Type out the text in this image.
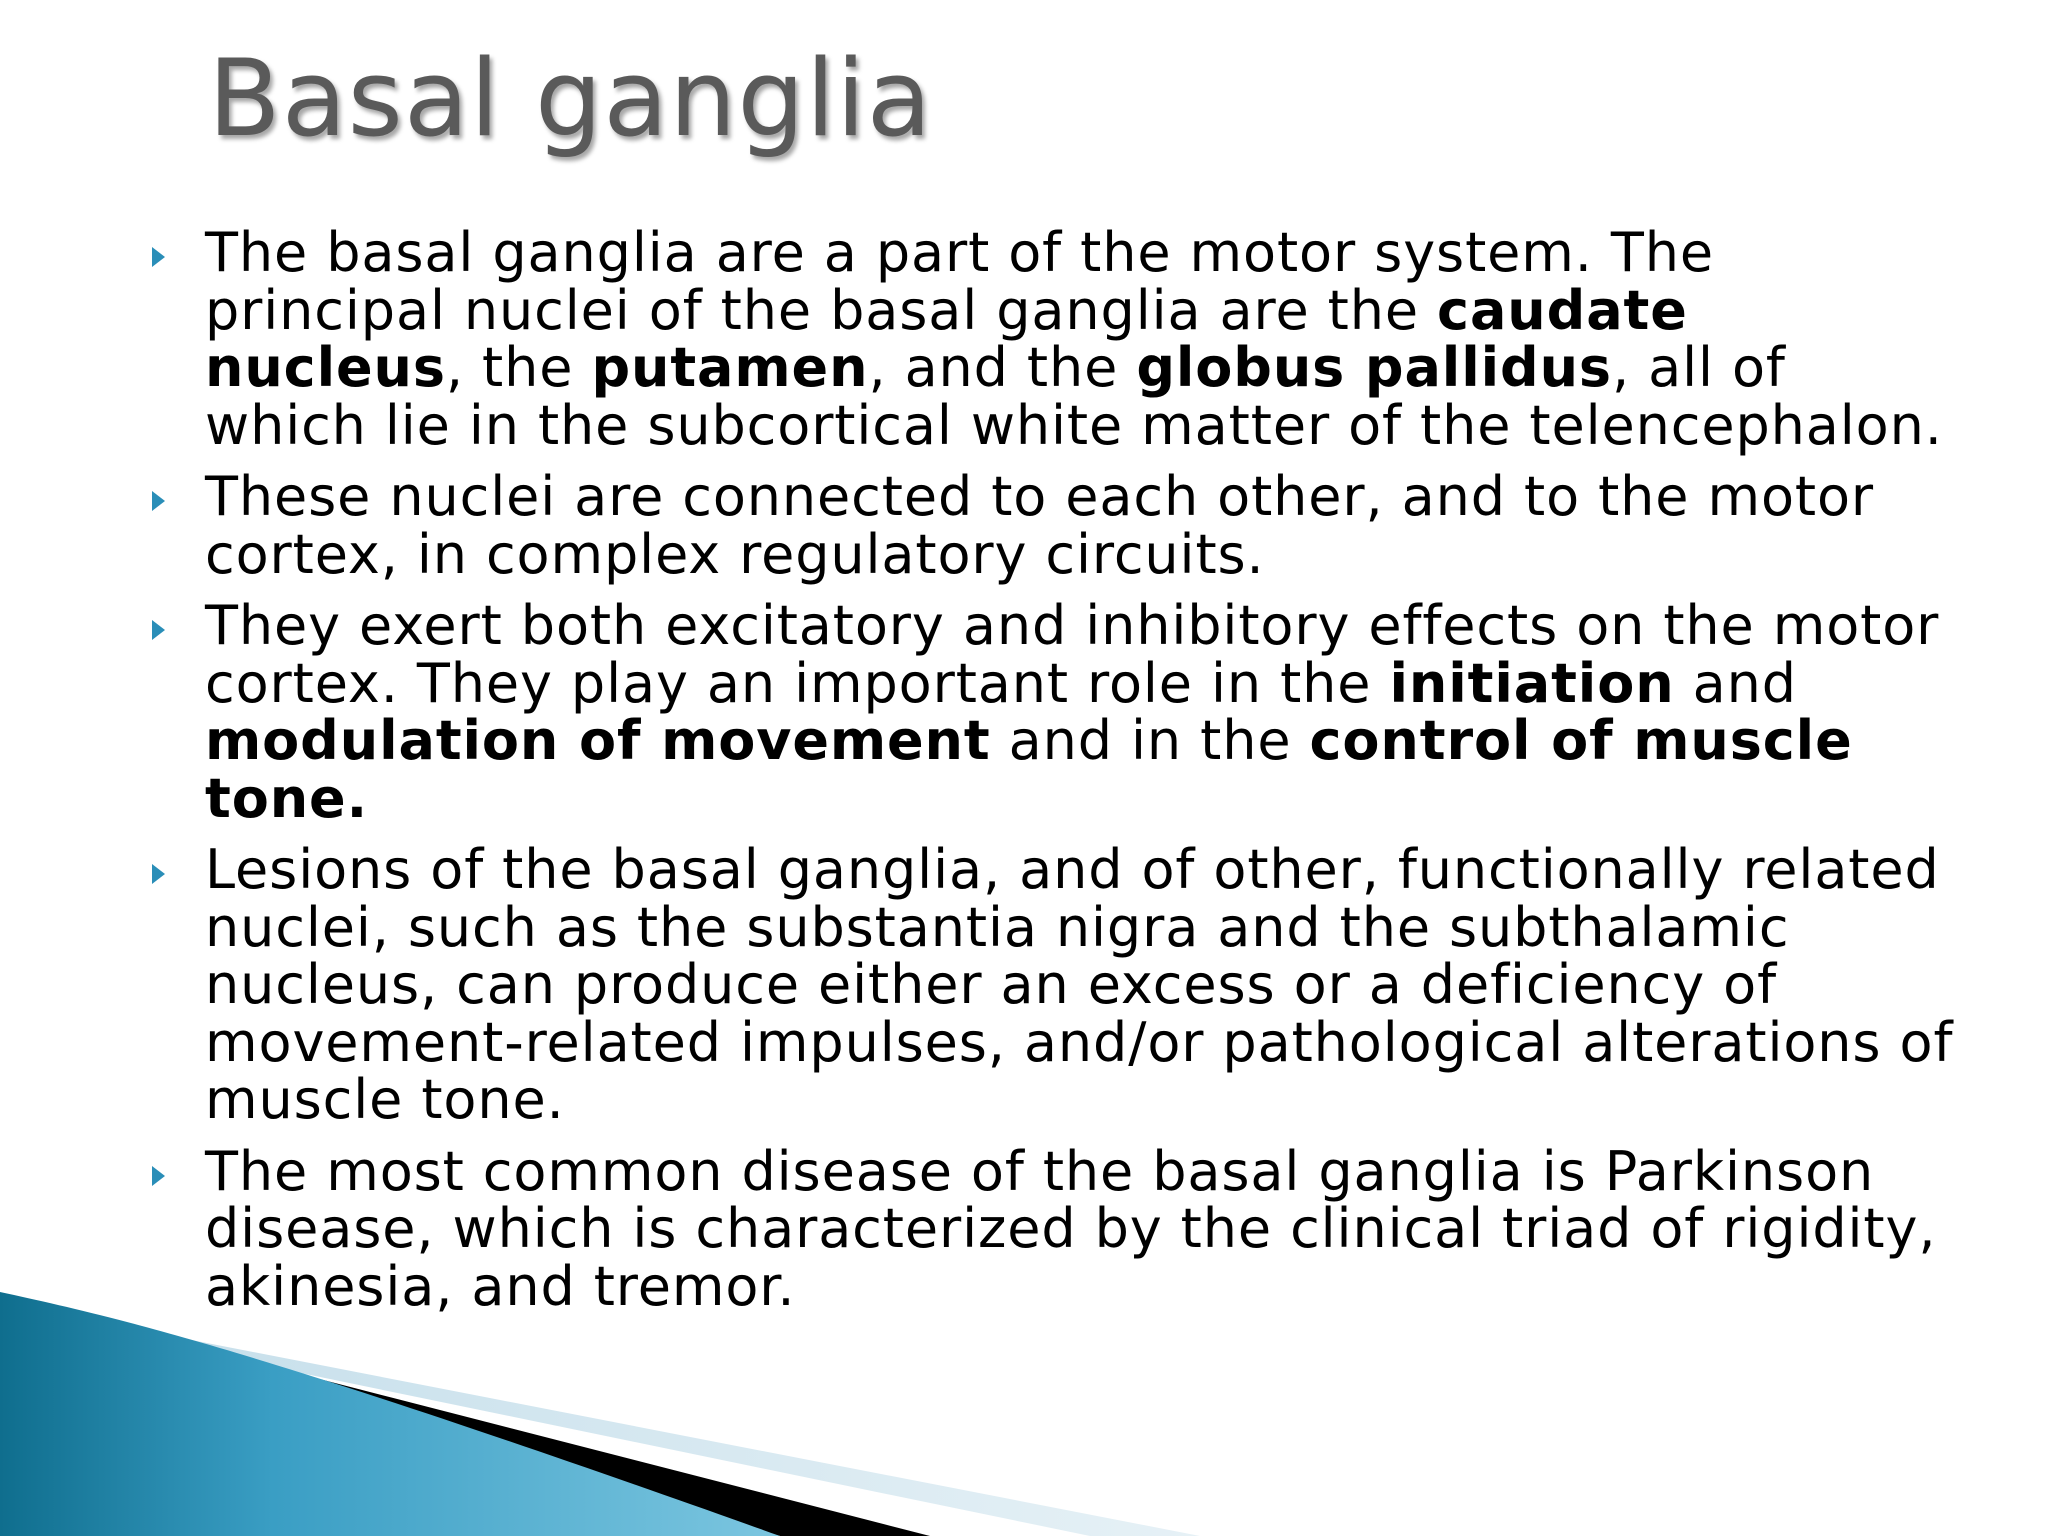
Basal ganglia
The basal ganglia are a part of the motor system. The principal nuclei of the basal ganglia are the caudate nucleus, the putamen, and the globus pallidus, all of which lie in the subcortical white matter of the telencephalon.
These nuclei are connected to each other, and to the motor cortex, in complex regulatory circuits.
They exert both excitatory and inhibitory effects on the motor cortex. They play an important role in the initiation and modulation of movement and in the control of muscle tone.
Lesions of the basal ganglia, and of other, functionally related nuclei, such as the substantia nigra and the subthalamic nucleus, can produce either an excess or a deficiency of movement-related impulses, and/or pathological alterations of muscle tone.
The most common disease of the basal ganglia is Parkinson disease, which is characterized by the clinical triad of rigidity, akinesia, and tremor.
